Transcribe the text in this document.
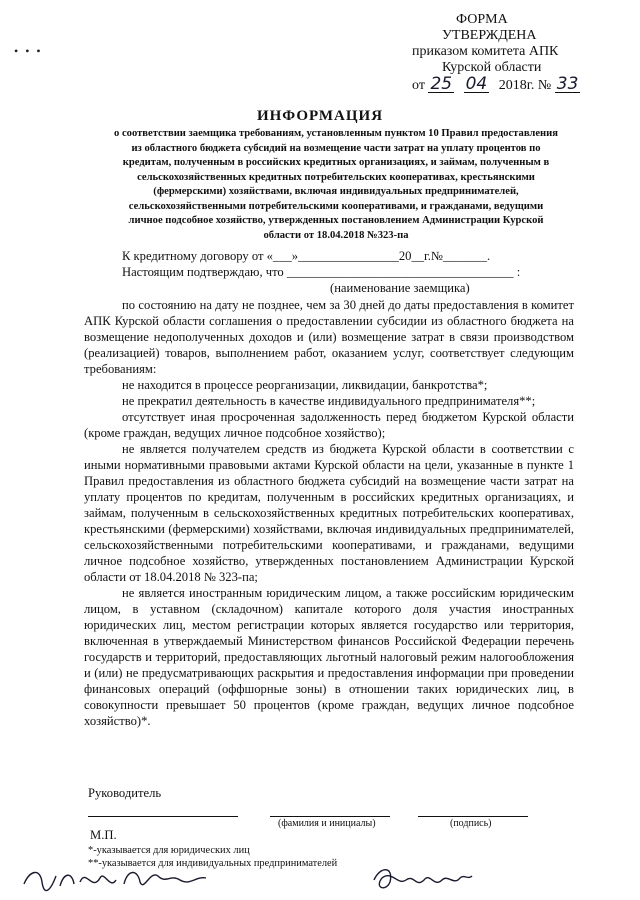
• • •
ФОРМА
УТВЕРЖДЕНА
приказом комитета АПК
Курской области
от 25 04 2018г. № 33
ИНФОРМАЦИЯ
о соответствии заемщика требованиям, установленным пунктом 10 Правил предоставления из областного бюджета субсидий на возмещение части затрат на уплату процентов по кредитам, полученным в российских кредитных организациях, и займам, полученным в сельскохозяйственных кредитных потребительских кооперативах, крестьянскими (фермерскими) хозяйствами, включая индивидуальных предпринимателей, сельскохозяйственными потребительскими кооперативами, и гражданами, ведущими личное подсобное хозяйство, утвержденных постановлением Администрации Курской области от 18.04.2018 №323-па
К кредитному договору от «___»________________20__г.№_______.
Настоящим подтверждаю, что ____________________________________ :
(наименование заемщика)
по состоянию на дату не позднее, чем за 30 дней до даты предоставления в комитет АПК Курской области соглашения о предоставлении субсидии из областного бюджета на возмещение недополученных доходов и (или) возмещение затрат в связи производством (реализацией) товаров, выполнением работ, оказанием услуг, соответствует следующим требованиям:
не находится в процессе реорганизации, ликвидации, банкротства*;
не прекратил деятельность в качестве индивидуального предпринимателя**;
отсутствует иная просроченная задолженность перед бюджетом Курской области (кроме граждан, ведущих личное подсобное хозяйство);
не является получателем средств из бюджета Курской области в соответствии с иными нормативными правовыми актами Курской области на цели, указанные в пункте 1 Правил предоставления из областного бюджета субсидий на возмещение части затрат на уплату процентов по кредитам, полученным в российских кредитных организациях, и займам, полученным в сельскохозяйственных кредитных потребительских кооперативах, крестьянскими (фермерскими) хозяйствами, включая индивидуальных предпринимателей, сельскохозяйственными потребительскими кооперативами, и гражданами, ведущими личное подсобное хозяйство, утвержденных постановлением Администрации Курской области от 18.04.2018 № 323-па;
не является иностранным юридическим лицом, а также российским юридическим лицом, в уставном (складочном) капитале которого доля участия иностранных юридических лиц, местом регистрации которых является государство или территория, включенная в утверждаемый Министерством финансов Российской Федерации перечень государств и территорий, предоставляющих льготный налоговый режим налогообложения и (или) не предусматривающих раскрытия и предоставления информации при проведении финансовых операций (оффшорные зоны) в отношении таких юридических лиц, в совокупности превышает 50 процентов (кроме граждан, ведущих личное подсобное хозяйство)*.
Руководитель
(фамилия и инициалы)	(подпись)
М.П.
*-указывается для юридических лиц
**-указывается для индивидуальных предпринимателей
